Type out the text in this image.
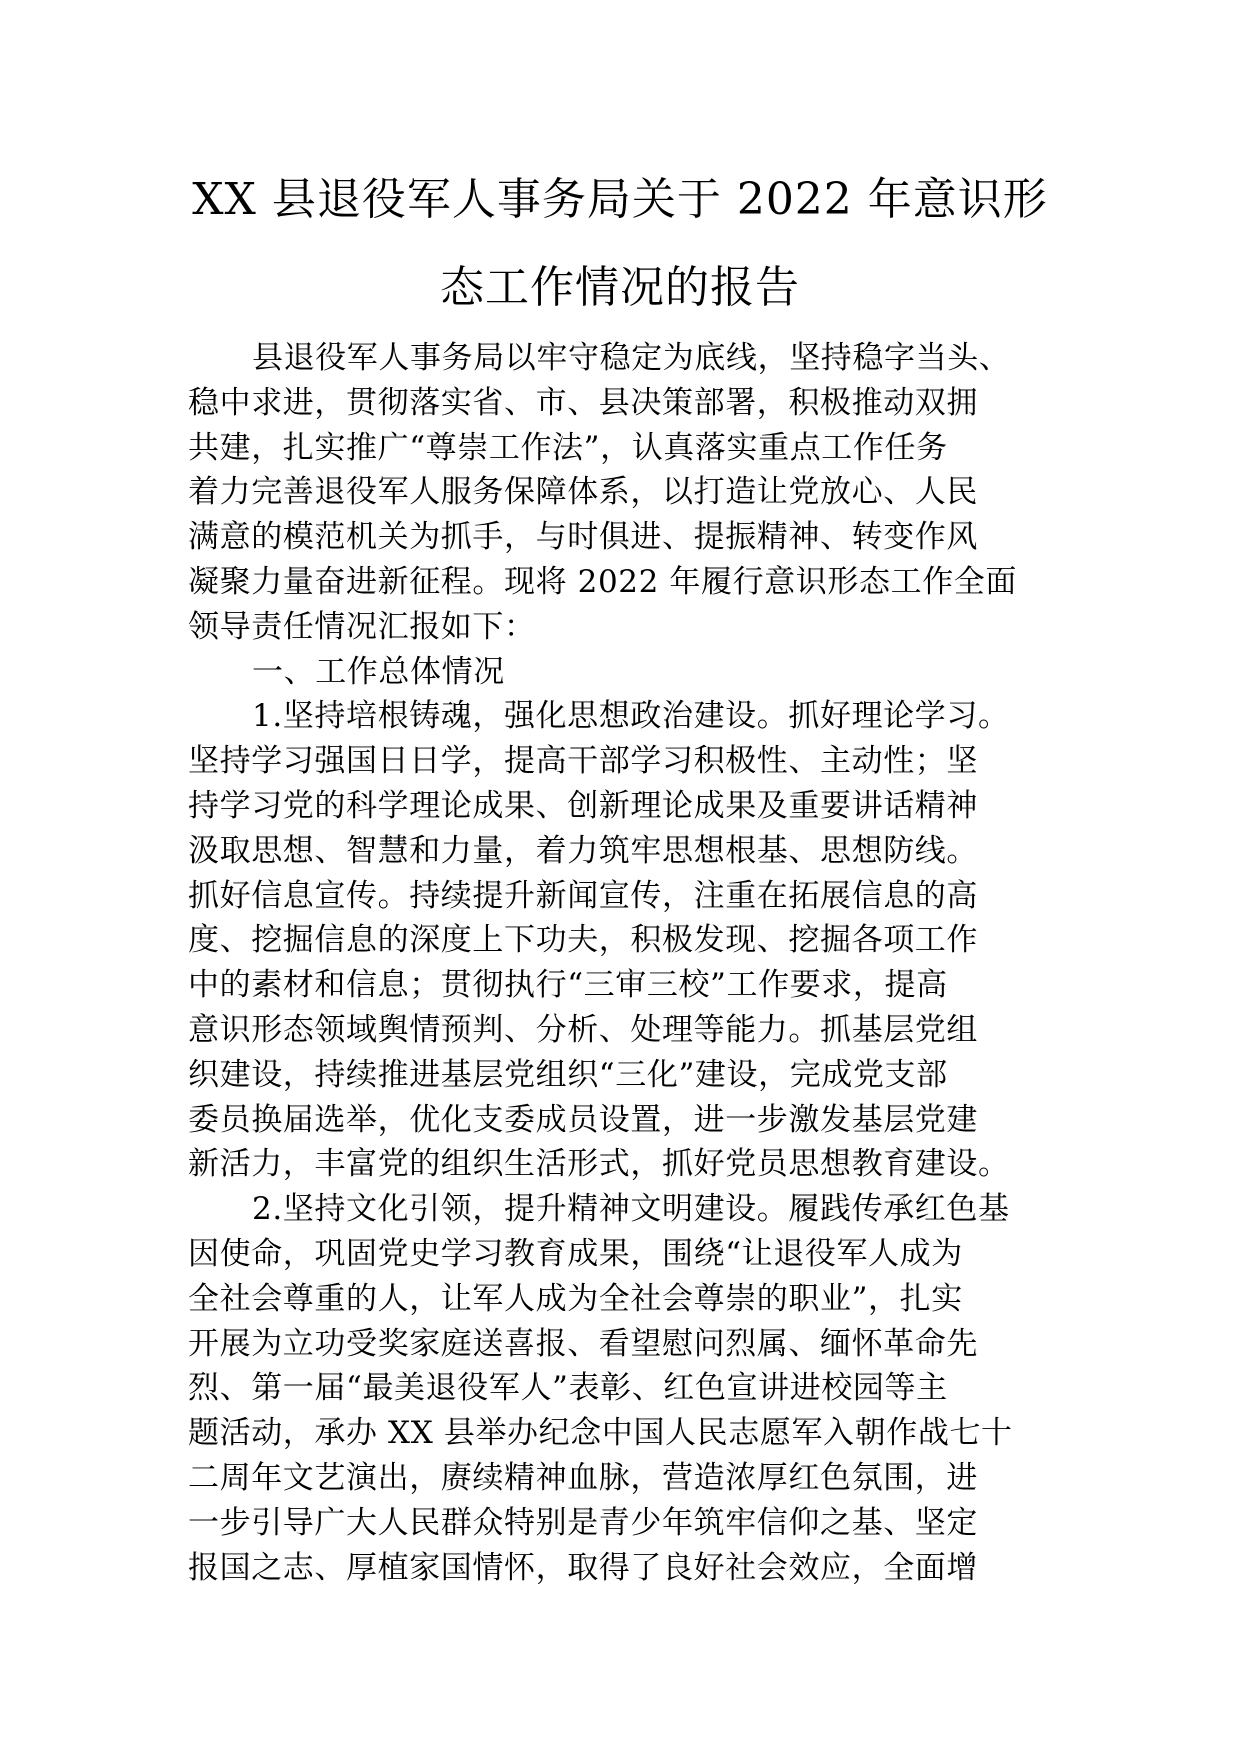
XX 县退役军人事务局关于 2022 年意识形
态工作情况的报告
县退役军人事务局以牢守稳定为底线，坚持稳字当头、
稳中求进，贯彻落实省、市、县决策部署，积极推动双拥
共建，扎实推广“尊崇工作法”，认真落实重点工作任务
着力完善退役军人服务保障体系，以打造让党放心、人民
满意的模范机关为抓手，与时俱进、提振精神、转变作风
凝聚力量奋进新征程。现将 2022 年履行意识形态工作全面
领导责任情况汇报如下：
一、工作总体情况
1.坚持培根铸魂，强化思想政治建设。抓好理论学习。
坚持学习强国日日学，提高干部学习积极性、主动性；坚
持学习党的科学理论成果、创新理论成果及重要讲话精神
汲取思想、智慧和力量，着力筑牢思想根基、思想防线。
抓好信息宣传。持续提升新闻宣传，注重在拓展信息的高
度、挖掘信息的深度上下功夫，积极发现、挖掘各项工作
中的素材和信息；贯彻执行“三审三校”工作要求，提高
意识形态领域舆情预判、分析、处理等能力。抓基层党组
织建设，持续推进基层党组织“三化”建设，完成党支部
委员换届选举，优化支委成员设置，进一步激发基层党建
新活力，丰富党的组织生活形式，抓好党员思想教育建设。
2.坚持文化引领，提升精神文明建设。履践传承红色基
因使命，巩固党史学习教育成果，围绕“让退役军人成为
全社会尊重的人，让军人成为全社会尊崇的职业”，扎实
开展为立功受奖家庭送喜报、看望慰问烈属、缅怀革命先
烈、第一届“最美退役军人”表彰、红色宣讲进校园等主
题活动，承办 XX 县举办纪念中国人民志愿军入朝作战七十
二周年文艺演出，赓续精神血脉，营造浓厚红色氛围，进
一步引导广大人民群众特别是青少年筑牢信仰之基、坚定
报国之志、厚植家国情怀，取得了良好社会效应，全面增
